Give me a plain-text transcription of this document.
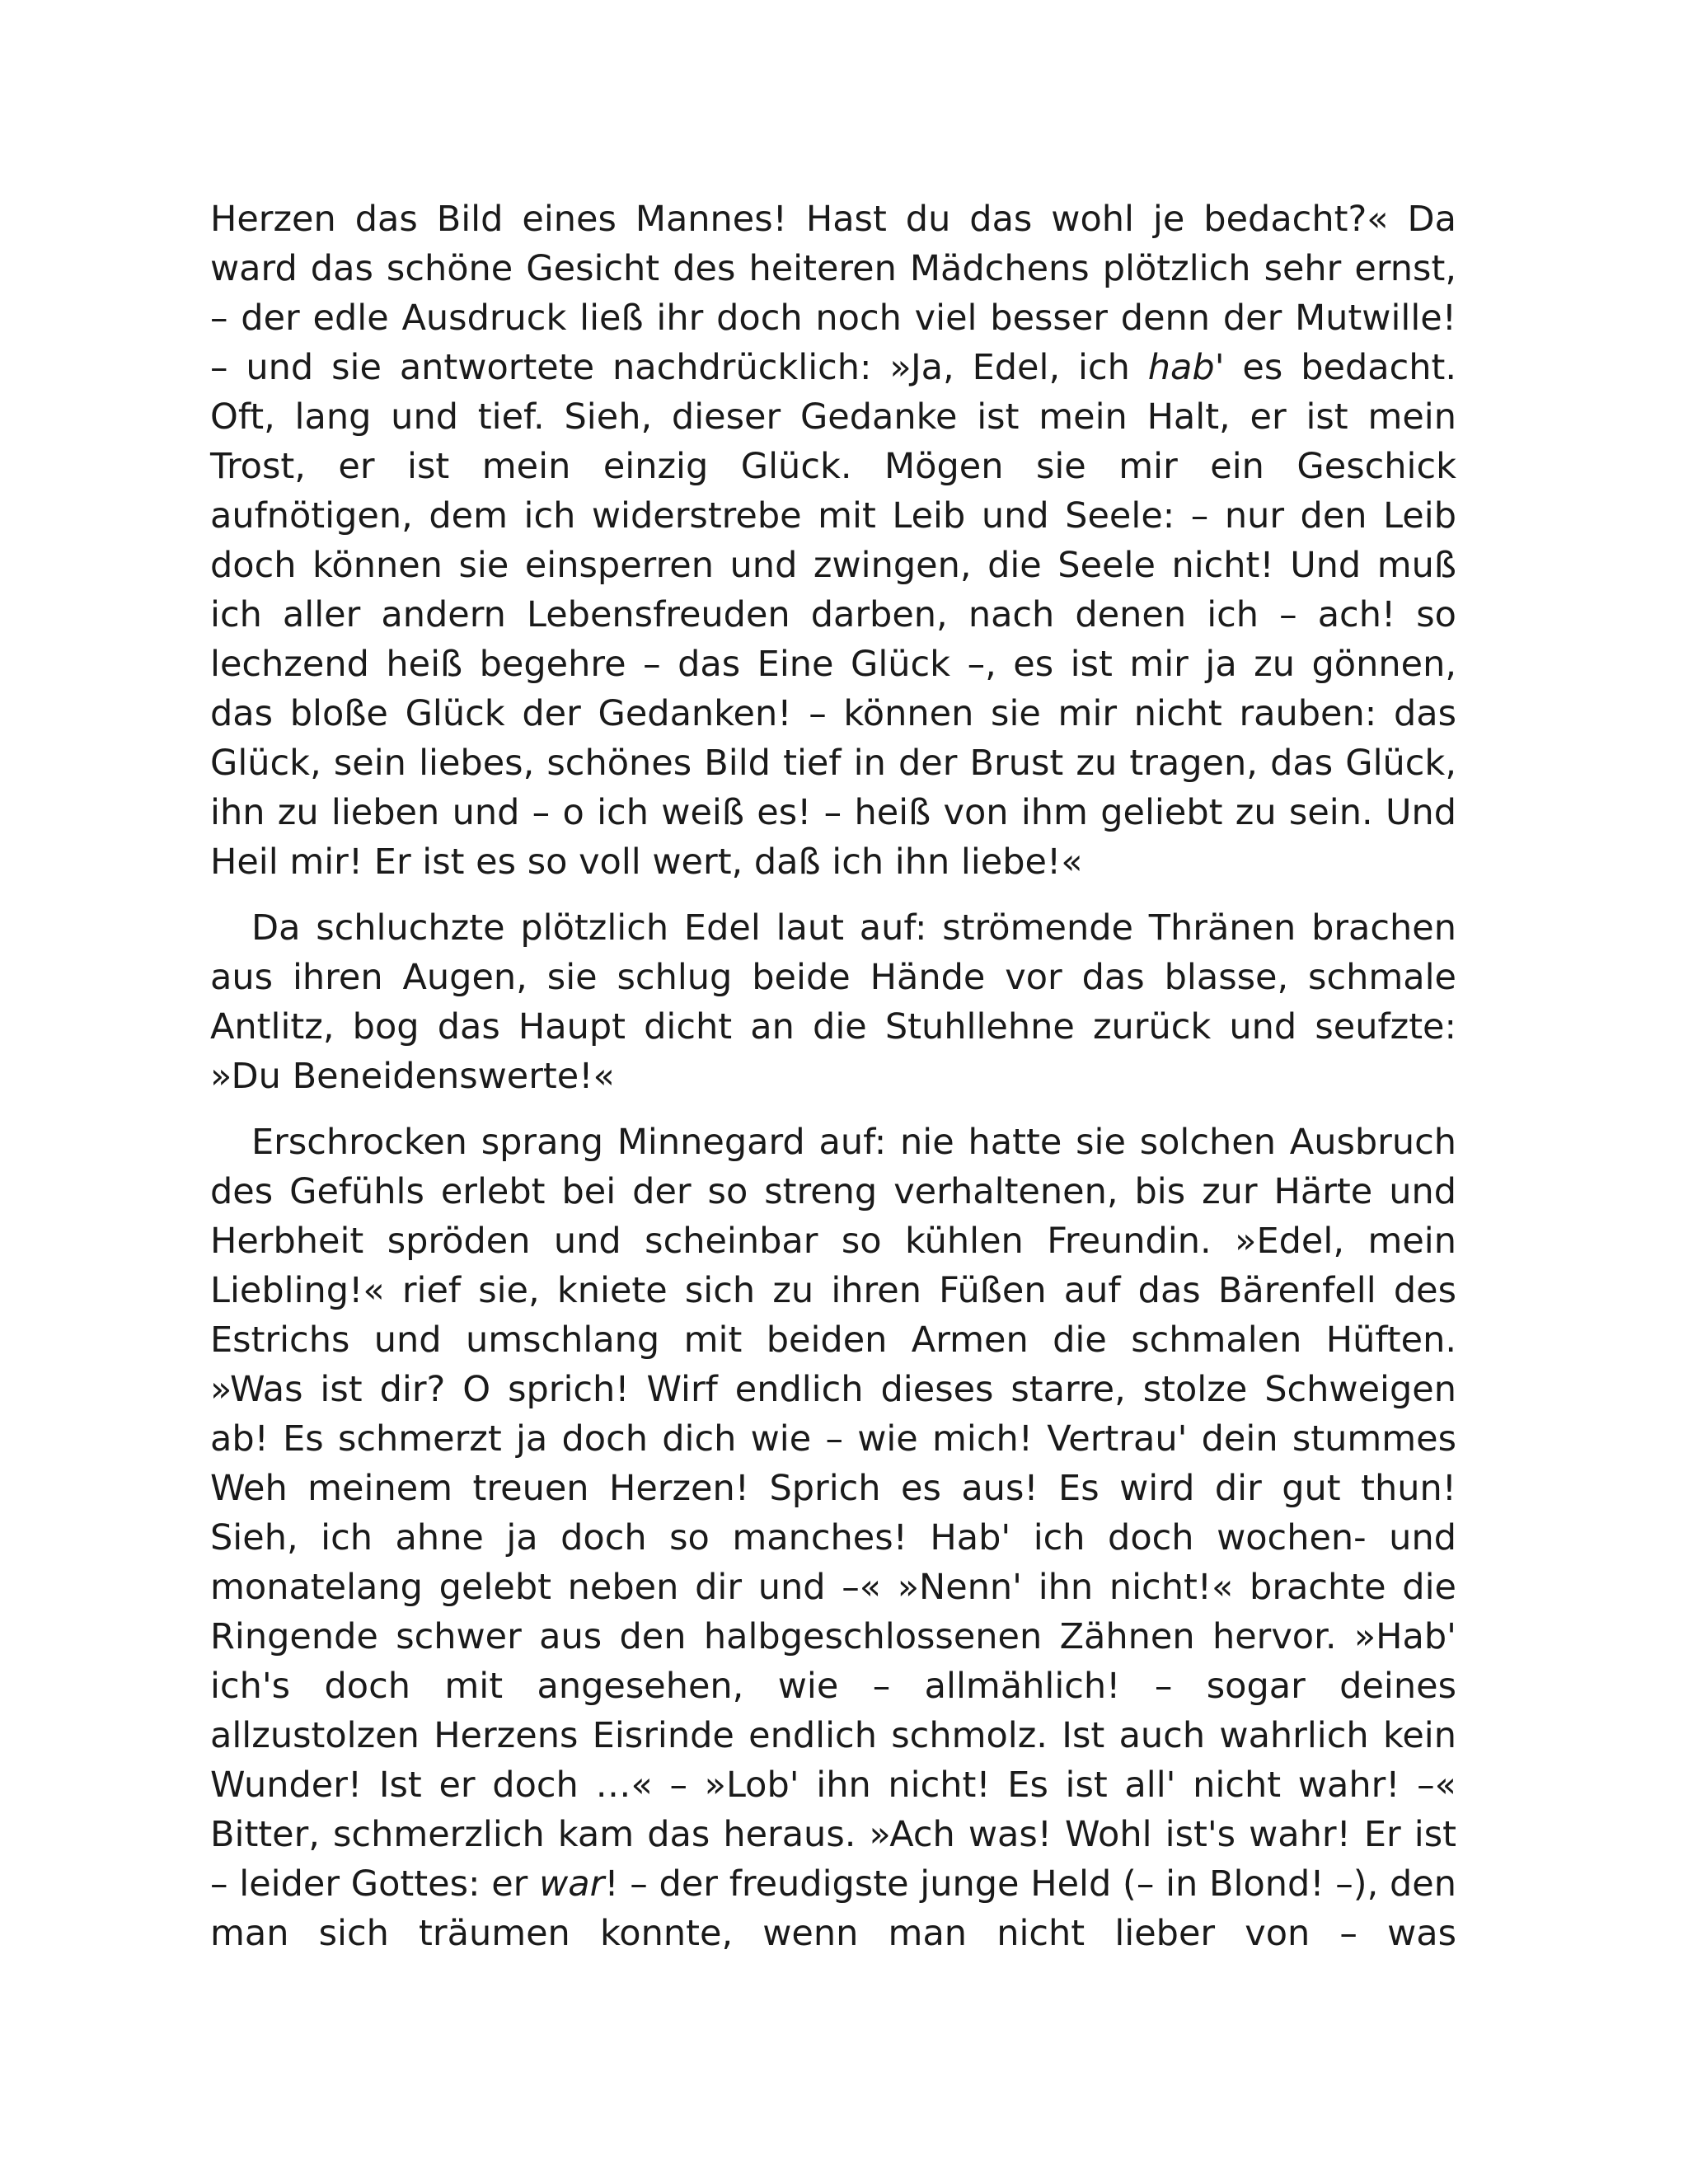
Herzen das Bild eines Mannes! Hast du das wohl je bedacht?« Da ward das schöne Gesicht des heiteren Mädchens plötzlich sehr ernst, – der edle Ausdruck ließ ihr doch noch viel besser denn der Mutwille! – und sie antwortete nachdrücklich: »Ja, Edel, ich hab' es bedacht. Oft, lang und tief. Sieh, dieser Gedanke ist mein Halt, er ist mein Trost, er ist mein einzig Glück. Mögen sie mir ein Geschick aufnötigen, dem ich widerstrebe mit Leib und Seele: – nur den Leib doch können sie einsperren und zwingen, die Seele nicht! Und muß ich aller andern Lebensfreuden darben, nach denen ich – ach! so lechzend heiß begehre – das Eine Glück –, es ist mir ja zu gönnen, das bloße Glück der Gedanken! – können sie mir nicht rauben: das Glück, sein liebes, schönes Bild tief in der Brust zu tragen, das Glück, ihn zu lieben und – o ich weiß es! – heiß von ihm geliebt zu sein. Und Heil mir! Er ist es so voll wert, daß ich ihn liebe!«

Da schluchzte plötzlich Edel laut auf: strömende Thränen brachen aus ihren Augen, sie schlug beide Hände vor das blasse, schmale Antlitz, bog das Haupt dicht an die Stuhllehne zurück und seufzte: »Du Beneidenswerte!«

Erschrocken sprang Minnegard auf: nie hatte sie solchen Ausbruch des Gefühls erlebt bei der so streng verhaltenen, bis zur Härte und Herbheit spröden und scheinbar so kühlen Freundin. »Edel, mein Liebling!« rief sie, kniete sich zu ihren Füßen auf das Bärenfell des Estrichs und umschlang mit beiden Armen die schmalen Hüften. »Was ist dir? O sprich! Wirf endlich dieses starre, stolze Schweigen ab! Es schmerzt ja doch dich wie – wie mich! Vertrau' dein stummes Weh meinem treuen Herzen! Sprich es aus! Es wird dir gut thun! Sieh, ich ahne ja doch so manches! Hab' ich doch wochen- und monatelang gelebt neben dir und –« »Nenn' ihn nicht!« brachte die Ringende schwer aus den halbgeschlossenen Zähnen hervor. »Hab' ich's doch mit angesehen, wie – allmählich! – sogar deines allzustolzen Herzens Eisrinde endlich schmolz. Ist auch wahrlich kein Wunder! Ist er doch …« – »Lob' ihn nicht! Es ist all' nicht wahr! –« Bitter, schmerzlich kam das heraus. »Ach was! Wohl ist's wahr! Er ist – leider Gottes: er war! – der freudigste junge Held (– in Blond! –), den man sich träumen konnte, wenn man nicht lieber von – was
